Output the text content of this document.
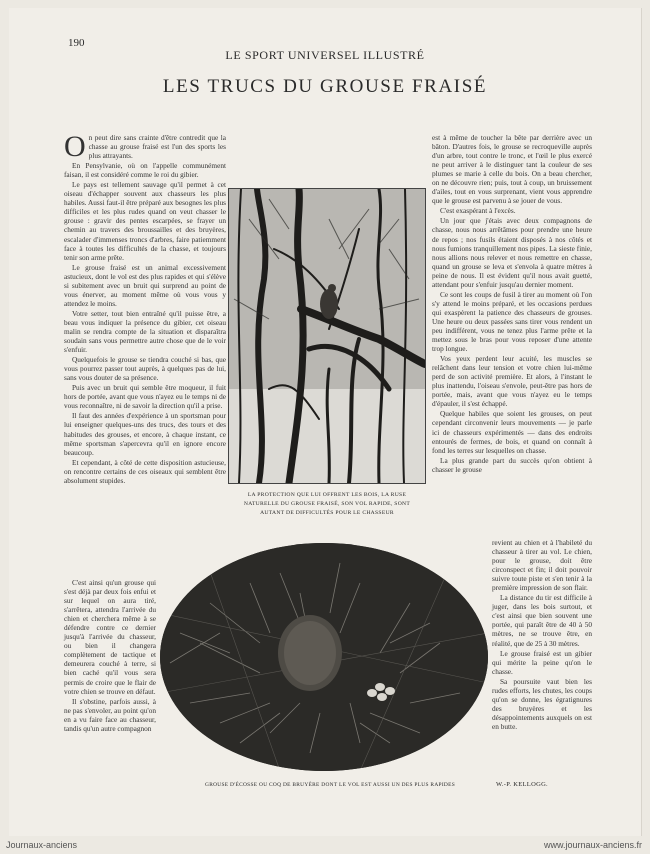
190
LE SPORT UNIVERSEL ILLUSTRÉ
LES TRUCS DU GROUSE FRAISÉ

On peut dire sans crainte d'être contredit que la chasse au grouse fraisé est l'un des sports les plus attrayants.

En Pensylvanie, où on l'appelle communément faisan, il est considéré comme le roi du gibier.

Le pays est tellement sauvage qu'il permet à cet oiseau d'échapper souvent aux chasseurs les plus habiles. Aussi faut-il être préparé aux besognes les plus difficiles et les plus rudes quand on veut chasser le grouse : gravir des pentes escarpées, se frayer un chemin au travers des broussailles et des bruyères, escalader d'immenses troncs d'arbres, faire patiemment face à toutes les difficultés de la chasse, et toujours tenir son arme prête.

Le grouse fraisé est un animal excessivement astucieux, dont le vol est des plus rapides et qui s'élève si subitement avec un bruit qui surprend au point de vous énerver, au moment même où vous vous y attendez le moins.

Votre setter, tout bien entraîné qu'il puisse être, a beau vous indiquer la présence du gibier, cet oiseau malin se rendra compte de la situation et disparaîtra soudain sans vous permettre autre chose que de le voir s'enfuir.

Quelquefois le grouse se tiendra couché si bas, que vous pourrez passer tout auprès, à quelques pas de lui, sans vous douter de sa présence.

Puis avec un bruit qui semble être moqueur, il fuit hors de portée, avant que vous n'ayez eu le temps ni de vous reconnaître, ni de savoir la direction qu'il a prise.

Il faut des années d'expérience à un sportsman pour lui enseigner quelques-uns des trucs, des tours et des habitudes des grouses, et encore, à chaque instant, ce même sportsman s'apercevra qu'il en ignore encore beaucoup.

Et cependant, à côté de cette disposition astucieuse, on rencontre certains de ces oiseaux qui semblent être absolument stupides.

C'est ainsi qu'un grouse qui s'est déjà par deux fois enfui et sur lequel on aura tiré, s'arrêtera, attendra l'arrivée du chien et cherchera même à se défendre contre ce dernier jusqu'à l'arrivée du chasseur, ou bien il changera complètement de tactique et demeurera couché à terre, si bien caché qu'il vous sera permis de croire que le flair de votre chien se trouve en défaut.

Il s'obstine, parfois aussi, à ne pas s'envoler, au point qu'on en a vu faire face au chasseur, tandis qu'un autre compagnon

est à même de toucher la bête par derrière avec un bâton. D'autres fois, le grouse se recroqueville auprès d'un arbre, tout contre le tronc, et l'œil le plus exercé ne peut arriver à le distinguer tant la couleur de ses plumes se marie à celle du bois. On a beau chercher, on ne découvre rien; puis, tout à coup, un bruissement d'ailes, tout en vous surprenant, vient vous apprendre que le grouse est parvenu à se jouer de vous.

C'est exaspérant à l'excès.

Un jour que j'étais avec deux compagnons de chasse, nous nous arrêtâmes pour prendre une heure de repos ; nos fusils étaient disposés à nos côtés et nous fumions tranquillement nos pipes. La sieste finie, nous allions nous relever et nous remettre en chasse, quand un grouse se leva et s'envola à quatre mètres à peine de nous. Il est évident qu'il nous avait guetté, attendant pour s'enfuir jusqu'au dernier moment.

Ce sont les coups de fusil à tirer au moment où l'on s'y attend le moins préparé, et les occasions perdues qui exaspèrent la patience des chasseurs de grouses. Une heure ou deux passées sans tirer vous rendent un peu indifférent, vous ne tenez plus l'arme prête et la mettez sous le bras pour vous reposer d'une attente trop longue.

Vos yeux perdent leur acuité, les muscles se relâchent dans leur tension et votre chien lui-même perd de son activité première. Et alors, à l'instant le plus inattendu, l'oiseau s'envole, peut-être pas hors de portée, mais, avant que vous n'ayez eu le temps d'épauler, il s'est échappé.

Quelque habiles que soient les grouses, on peut cependant circonvenir leurs mouvements — je parle ici de chasseurs expérimentés — dans des endroits entourés de fermes, de bois, et quand on connaît à fond les terres sur lesquelles on chasse.

La plus grande part du succès qu'on obtient à chasser le grouse

revient au chien et à l'habileté du chasseur à tirer au vol. Le chien, pour le grouse, doit être circonspect et fin; il doit pouvoir suivre toute piste et s'en tenir à la première impression de son flair.

La distance du tir est difficile à juger, dans les bois surtout, et c'est ainsi que bien souvent une portée, qui paraît être de 40 à 50 mètres, ne se trouve être, en réalité, que de 25 à 30 mètres.

Le grouse fraisé est un gibier qui mérite la peine qu'on le chasse.

Sa poursuite vaut bien les rudes efforts, les chutes, les coups qu'on se donne, les égratignures des bruyères et les désappointements auxquels on est en butte.

LA PROTECTION QUE LUI OFFRENT LES BOIS, LA RUSE NATURELLE DU GROUSE FRAISÉ, SON VOL RAPIDE, SONT AUTANT DE DIFFICULTÉS POUR LE CHASSEUR
GROUSE D'ÉCOSSE OU COQ DE BRUYÈRE DONT LE VOL EST AUSSI UN DES PLUS RAPIDES	W.-P. KELLOGG.
Journaux-anciens	www.journaux-anciens.fr
